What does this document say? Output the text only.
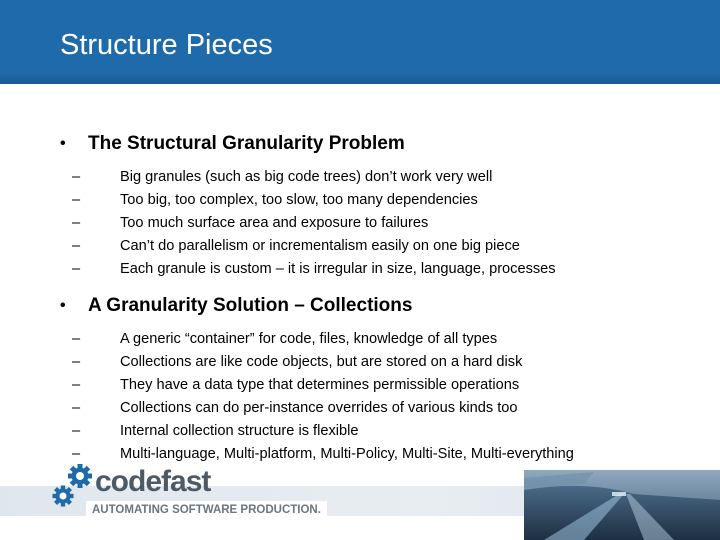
Structure Pieces
•	The Structural Granularity Problem
–	Big granules (such as big code trees) don’t work very well
–	Too big, too complex, too slow, too many dependencies
–	Too much surface area and exposure to failures
–	Can’t do parallelism or incrementalism easily on one big piece
–	Each granule is custom – it is irregular in size, language, processes
•	A Granularity Solution – Collections
–	A generic “container” for code, files, knowledge of all types
–	Collections are like code objects, but are stored on a hard disk
–	They have a data type that determines permissible operations
–	Collections can do per-instance overrides of various kinds too
–	Internal collection structure is flexible
–	Multi-language, Multi-platform, Multi-Policy, Multi-Site, Multi-everything
codefast
AUTOMATING SOFTWARE PRODUCTION.
